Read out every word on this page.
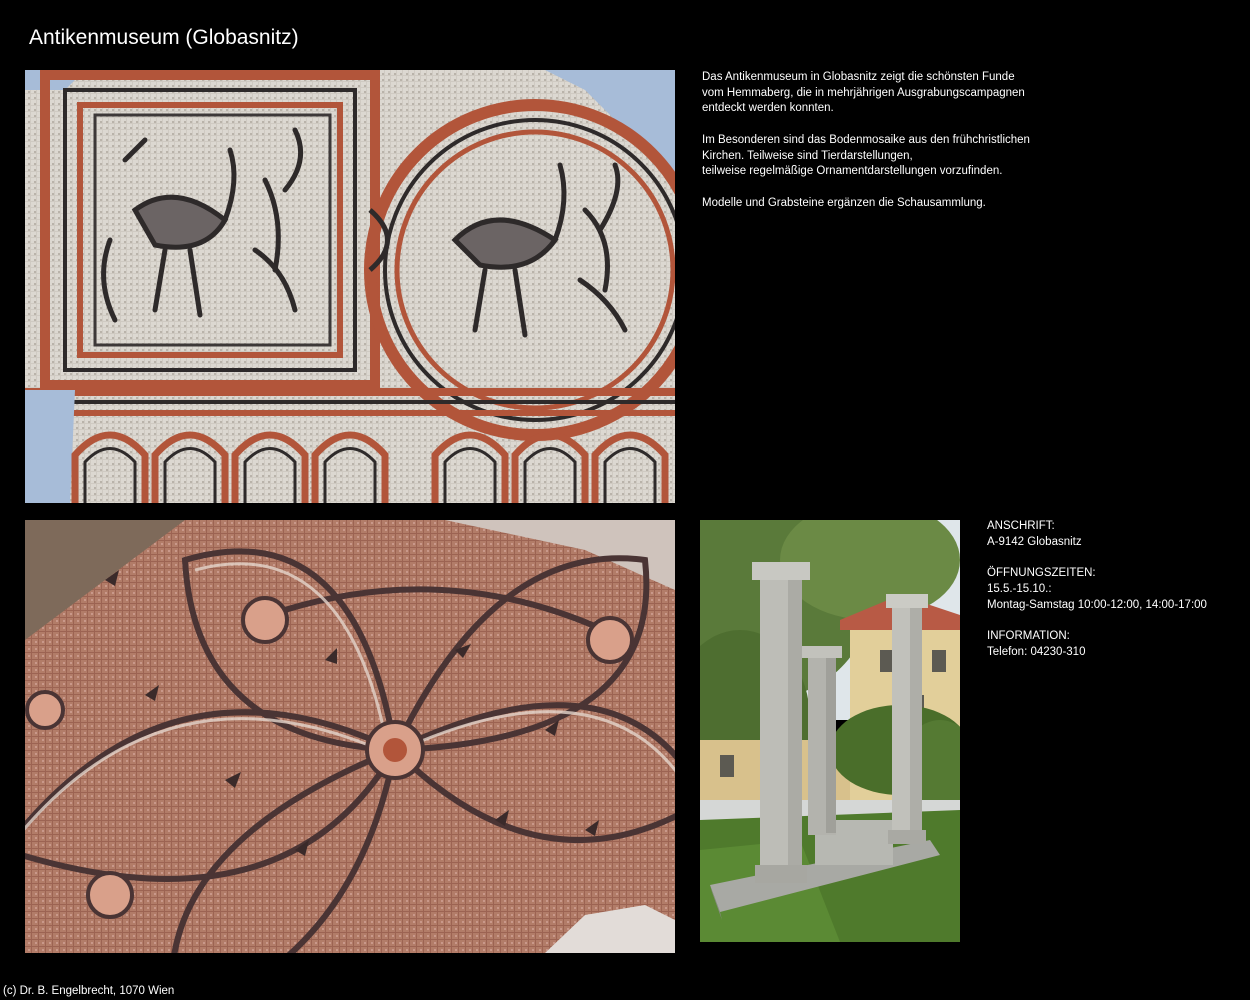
Antikenmuseum (Globasnitz)

Das Antikenmuseum in Globasnitz zeigt die schönsten Funde
vom Hemmaberg, die in mehrjährigen Ausgrabungscampagnen
entdeckt werden konnten.

Im Besonderen sind das Bodenmosaike aus den frühchristlichen
Kirchen. Teilweise sind Tierdarstellungen,
teilweise regelmäßige Ornamentdarstellungen vorzufinden.

Modelle und Grabsteine ergänzen die Schausammlung.

ANSCHRIFT:
A-9142 Globasnitz
ÖFFNUNGSZEITEN:
15.5.-15.10.:
Montag-Samstag 10:00-12:00, 14:00-17:00
INFORMATION:
Telefon: 04230-310
(c) Dr. B. Engelbrecht, 1070 Wien
